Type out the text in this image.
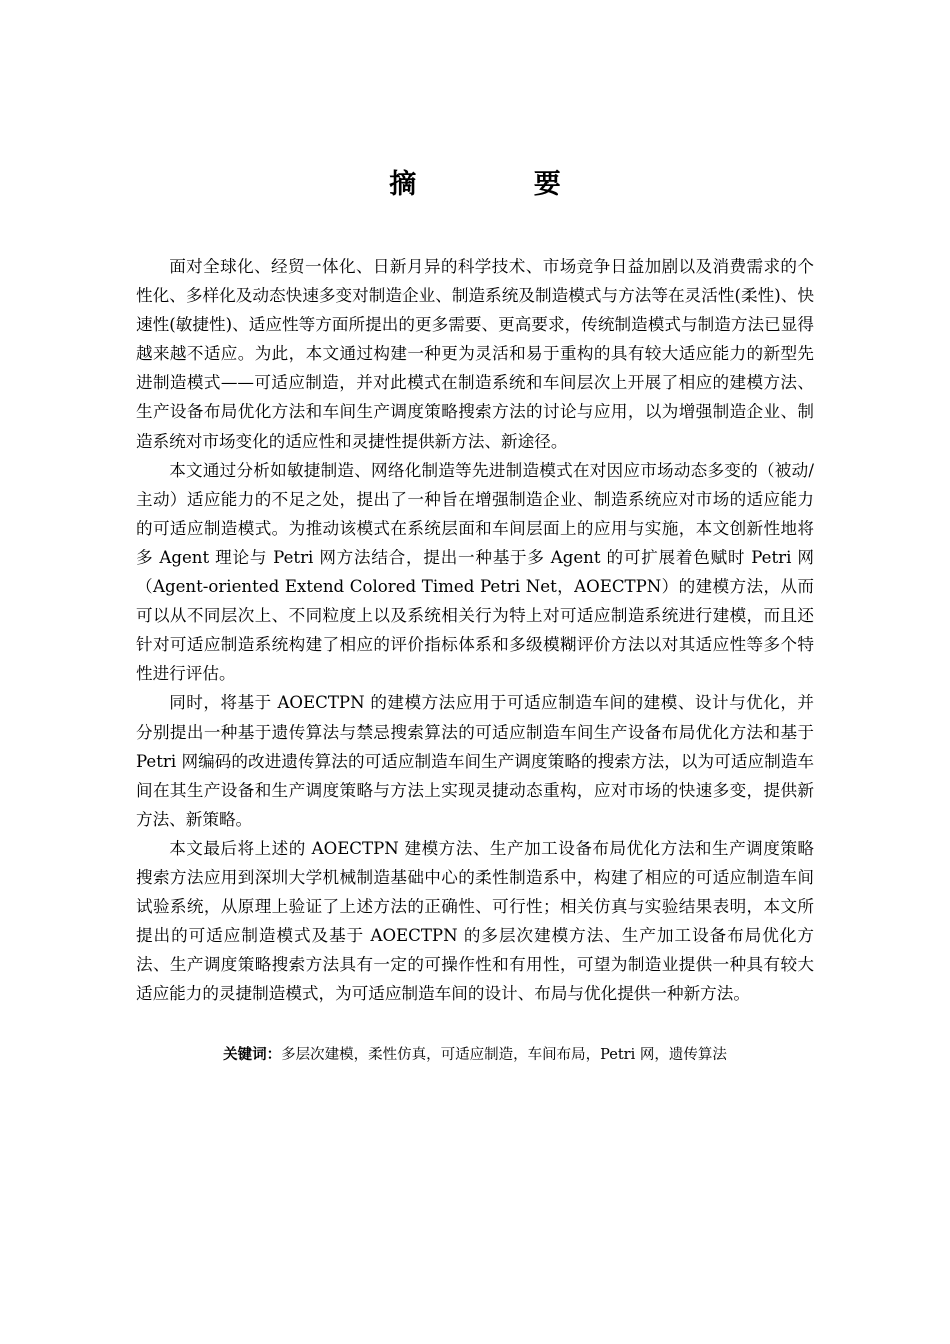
摘 要

面对全球化、经贸一体化、日新月异的科学技术、市场竞争日益加剧以及消费需求的个性化、多样化及动态快速多变对制造企业、制造系统及制造模式与方法等在灵活性(柔性)、快速性(敏捷性)、适应性等方面所提出的更多需要、更高要求，传统制造模式与制造方法已显得越来越不适应。为此，本文通过构建一种更为灵活和易于重构的具有较大适应能力的新型先进制造模式——可适应制造，并对此模式在制造系统和车间层次上开展了相应的建模方法、生产设备布局优化方法和车间生产调度策略搜索方法的讨论与应用，以为增强制造企业、制造系统对市场变化的适应性和灵捷性提供新方法、新途径。

本文通过分析如敏捷制造、网络化制造等先进制造模式在对因应市场动态多变的（被动/主动）适应能力的不足之处，提出了一种旨在增强制造企业、制造系统应对市场的适应能力的可适应制造模式。为推动该模式在系统层面和车间层面上的应用与实施，本文创新性地将多 Agent 理论与 Petri 网方法结合，提出一种基于多 Agent 的可扩展着色赋时 Petri 网（Agent-oriented Extend Colored Timed Petri Net，AOECTPN）的建模方法，从而可以从不同层次上、不同粒度上以及系统相关行为特上对可适应制造系统进行建模，而且还针对可适应制造系统构建了相应的评价指标体系和多级模糊评价方法以对其适应性等多个特性进行评估。

同时，将基于 AOECTPN 的建模方法应用于可适应制造车间的建模、设计与优化，并分别提出一种基于遗传算法与禁忌搜索算法的可适应制造车间生产设备布局优化方法和基于 Petri 网编码的改进遗传算法的可适应制造车间生产调度策略的搜索方法，以为可适应制造车间在其生产设备和生产调度策略与方法上实现灵捷动态重构，应对市场的快速多变，提供新方法、新策略。

本文最后将上述的 AOECTPN 建模方法、生产加工设备布局优化方法和生产调度策略搜索方法应用到深圳大学机械制造基础中心的柔性制造系中，构建了相应的可适应制造车间试验系统，从原理上验证了上述方法的正确性、可行性；相关仿真与实验结果表明，本文所提出的可适应制造模式及基于 AOECTPN 的多层次建模方法、生产加工设备布局优化方法、生产调度策略搜索方法具有一定的可操作性和有用性，可望为制造业提供一种具有较大适应能力的灵捷制造模式，为可适应制造车间的设计、布局与优化提供一种新方法。

关键词：多层次建模，柔性仿真，可适应制造，车间布局，Petri 网，遗传算法
